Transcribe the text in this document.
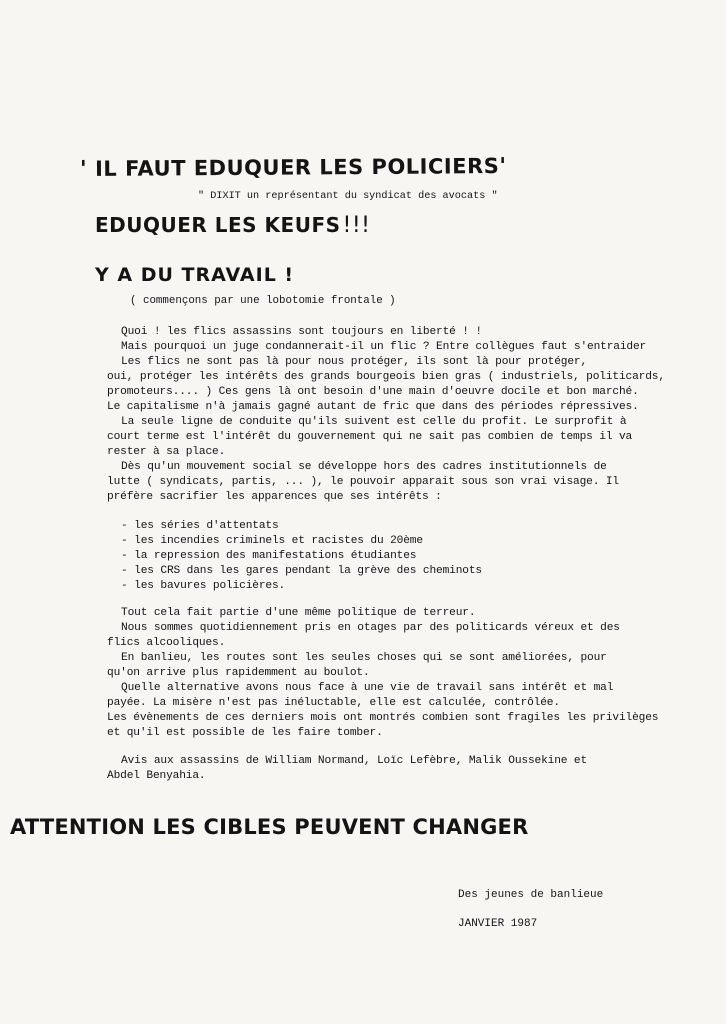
' IL FAUT EDUQUER LES POLICIERS'

" DIXIT un représentant du syndicat des avocats "

EDUQUER LES KEUFS!!!
Y A DU TRAVAIL !

( commençons par une lobotomie frontale )

Quoi ! les flics assassins sont toujours en liberté ! !
Mais pourquoi un juge condannerait-il un flic ? Entre collègues faut s'entraider
Les flics ne sont pas là pour nous protéger, ils sont là pour protéger,
oui, protéger les intérêts des grands bourgeois bien gras ( industriels, politicards,
promoteurs.... ) Ces gens là ont besoin d'une main d'oeuvre docile et bon marché.
Le capitalisme n'à jamais gagné autant de fric que dans des périodes répressives.
La seule ligne de conduite qu'ils suivent est celle du profit. Le surprofit à
court terme est l'intérêt du gouvernement qui ne sait pas combien de temps il va
rester à sa place.
Dès qu'un mouvement social se développe hors des cadres institutionnels de
lutte ( syndicats, partis, ... ), le pouvoir apparait sous son vrai visage. Il
préfère sacrifier les apparences que ses intérêts :
- les séries d'attentats
- les incendies criminels et racistes du 20ème
- la repression des manifestations étudiantes
- les CRS dans les gares pendant la grève des cheminots
- les bavures policières.
Tout cela fait partie d'une même politique de terreur.
Nous sommes quotidiennement pris en otages par des politicards véreux et des
flics alcooliques.
En banlieu, les routes sont les seules choses qui se sont améliorées, pour
qu'on arrive plus rapidemment au boulot.
Quelle alternative avons nous face à une vie de travail sans intérêt et mal
payée. La misère n'est pas inéluctable, elle est calculée, contrôlée.
Les évènements de ces derniers mois ont montrés combien sont fragiles les privilèges
et qu'il est possible de les faire tomber.
Avis aux assassins de William Normand, Loïc Lefèbre, Malik Oussekine et
Abdel Benyahia.
ATTENTION LES CIBLES PEUVENT CHANGER
Des jeunes de banlieue
JANVIER 1987
